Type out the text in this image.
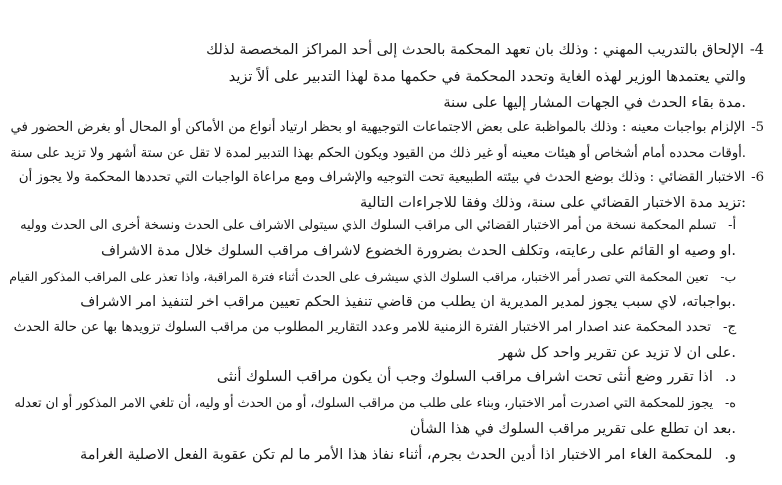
4-الإلحاق بالتدريب المهني : وذلك بان تعهد المحكمة بالحدث إلى أحد المراكز المخصصة لذلك
والتي يعتمدها الوزير لهذه الغاية وتحدد المحكمة في حكمها مدة لهذا التدبير على ألاً تزيد
.مدة بقاء الحدث في الجهات المشار إليها على سنة
5-الإلزام بواجبات معينه : وذلك بالمواظبة على بعض الاجتماعات التوجيهية او بحظر ارتياد أنواع من الأماكن أو المحال أو بغرض الحضور في
.أوقات محدده أمام أشخاص أو هيئات معينه أو غير ذلك من القيود ويكون الحكم بهذا التدبير لمدة لا تقل عن ستة أشهر ولا تزيد على سنة
6-الاختبار القضائي : وذلك بوضع الحدث في بيئته الطبيعية تحت التوجيه والإشراف ومع مراعاة الواجبات التي تحددها المحكمة ولا يجوز أن
:تزيد مدة الاختبار القضائي على سنة، وذلك وفقا للاجراءات التالية
أ-تسلم المحكمة نسخة من أمر الاختبار القضائي الى مراقب السلوك الذي سيتولى الاشراف على الحدث ونسخة أخرى الى الحدث ووليه
.او وصيه او القائم على رعايته، وتكلف الحدث بضرورة الخضوع لاشراف مراقب السلوك خلال مدة الاشراف
ب-تعين المحكمة التي تصدر أمر الاختبار، مراقب السلوك الذي سيشرف على الحدث أثناء فترة المراقبة، واذا تعذر على المراقب المذكور القيام
.بواجباته، لاي سبب يجوز لمدير المديرية ان يطلب من قاضي تنفيذ الحكم تعيين مراقب اخر لتنفيذ امر الاشراف
ج-تحدد المحكمة عند اصدار امر الاختبار الفترة الزمنية للامر وعدد التقارير المطلوب من مراقب السلوك تزويدها بها عن حالة الحدث
.على ان لا تزيد عن تقرير واحد كل شهر
د.اذا تقرر وضع أنثى تحت اشراف مراقب السلوك وجب أن يكون مراقب السلوك أنثى
ه-يجوز للمحكمة التي اصدرت أمر الاختبار، وبناء على طلب من مراقب السلوك، أو من الحدث أو وليه، أن تلغي الامر المذكور أو ان تعدله
.بعد ان تطلع على تقرير مراقب السلوك في هذا الشأن
و.للمحكمة الغاء امر الاختبار اذا أدين الحدث بجرم، أثناء نفاذ هذا الأمر ما لم تكن عقوبة الفعل الاصلية الغرامة
